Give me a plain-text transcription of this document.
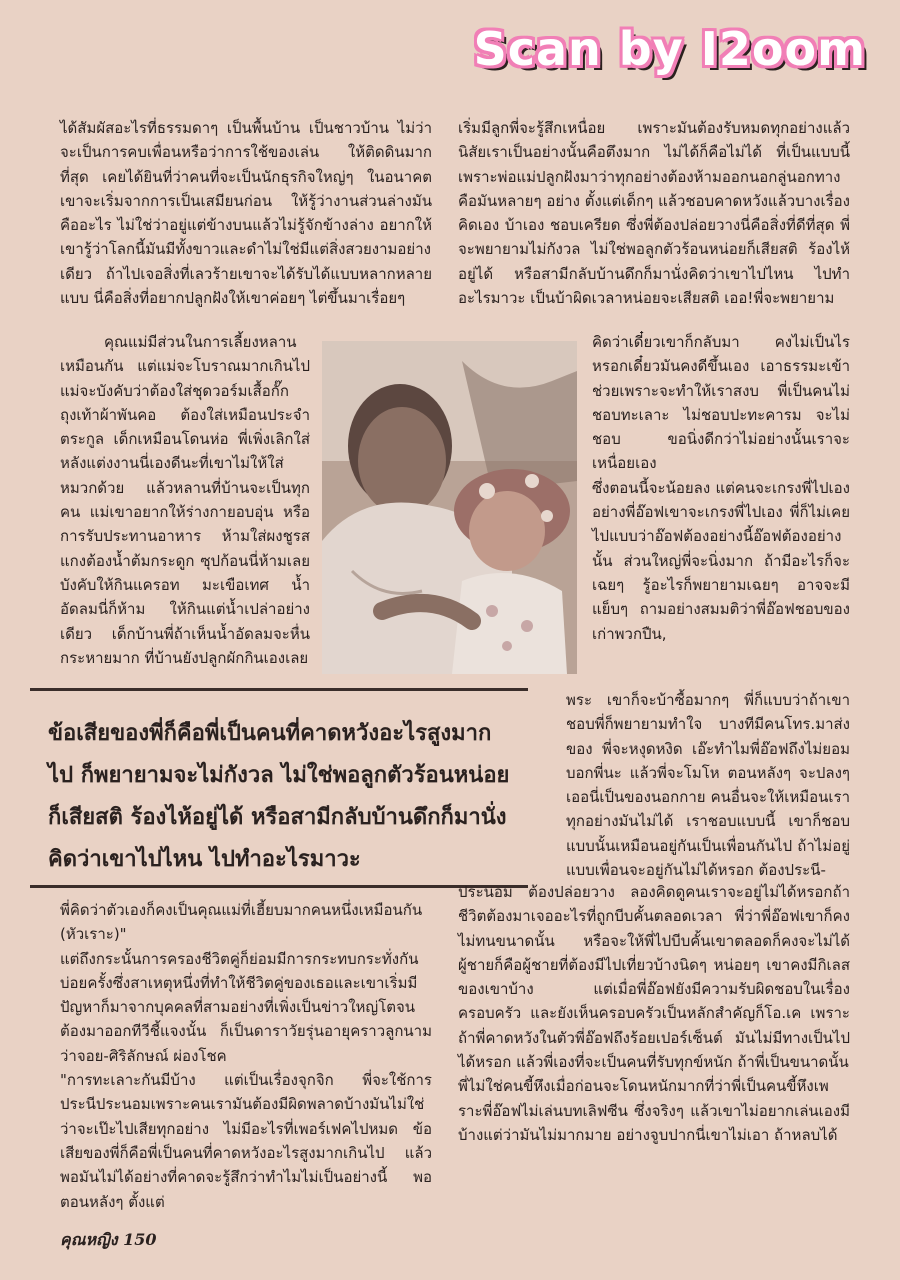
Scan by I2oom

ได้สัมผัสอะไรที่ธรรมดาๆ เป็นพื้นบ้าน เป็นชาวบ้าน ไม่ว่าจะเป็นการคบเพื่อนหรือว่าการใช้ของเล่น ให้ติดดินมากที่สุด เคยได้ยินที่ว่าคนที่จะเป็นนักธุรกิจใหญ่ๆ ในอนาคต เขาจะเริ่มจากการเป็นเสมียนก่อน ให้รู้ว่างานส่วนล่างมันคืออะไร ไม่ใช่ว่าอยู่แต่ข้างบนแล้วไม่รู้จักข้างล่าง อยากให้เขารู้ว่าโลกนี้มันมีทั้งขาวและดำไม่ใช่มีแต่สิ่งสวยงามอย่างเดียว ถ้าไปเจอสิ่งที่เลวร้ายเขาจะได้รับได้แบบหลากหลายแบบ นี่คือสิ่งที่อยากปลูกฝังให้เขาค่อยๆ ไต่ขึ้นมาเรื่อยๆ

คุณแม่มีส่วนในการเลี้ยงหลานเหมือนกัน แต่แม่จะโบราณมากเกินไป แม่จะบังคับว่าต้องใส่ชุดวอร์มเสื้อกั๊ก ถุงเท้าผ้าพันคอ ต้องใส่เหมือนประจำตระกูล เด็กเหมือนโดนห่อ พี่เพิ่งเลิกใส่หลังแต่งงานนี่เองดีนะที่เขาไม่ให้ใส่หมวกด้วย แล้วหลานที่บ้านจะเป็นทุกคน แม่เขาอยากให้ร่างกายอบอุ่น หรือการรับประทานอาหาร ห้ามใส่ผงชูรส แกงต้องน้ำต้มกระดูก ซุปก้อนนี่ห้ามเลย บังคับให้กินแครอท มะเขือเทศ น้ำอัดลมนี่ก็ห้าม ให้กินแต่น้ำเปล่าอย่างเดียว เด็กบ้านพี่ถ้าเห็นน้ำอัดลมจะหื่นกระหายมาก ที่บ้านยังปลูกผักกินเองเลย

เริ่มมีลูกพี่จะรู้สึกเหนื่อย เพราะมันต้องรับหมดทุกอย่างแล้วนิสัยเราเป็นอย่างนั้นคือตึงมาก ไม่ได้ก็คือไม่ได้ ที่เป็นแบบนี้เพราะพ่อแม่ปลูกฝังมาว่าทุกอย่างต้องห้ามออกนอกลู่นอกทาง คือมันหลายๆ อย่าง ตั้งแต่เด็กๆ แล้วชอบคาดหวังแล้วบางเรื่องคิดเอง บ้าเอง ชอบเครียด ซึ่งพี่ต้องปล่อยวางนี่คือสิ่งที่ดีที่สุด พี่จะพยายามไม่กังวล ไม่ใช่พอลูกตัวร้อนหน่อยก็เสียสติ ร้องไห้อยู่ได้ หรือสามีกลับบ้านดึกก็มานั่งคิดว่าเขาไปไหน ไปทำอะไรมาวะ เป็นบ้าผิดเวลาหน่อยจะเสียสติ เออ!พี่จะพยายาม

คิดว่าเดี๋ยวเขาก็กลับมา คงไม่เป็นไรหรอกเดี๋ยวมันคงดีขึ้นเอง เอาธรรมะเข้าช่วยเพราะจะทำให้เราสงบ พี่เป็นคนไม่ชอบทะเลาะ ไม่ชอบปะทะคารม จะไม่ชอบ ขอนิ่งดีกว่าไม่อย่างนั้นเราจะเหนื่อยเอง
ซึ่งตอนนี้จะน้อยลง แต่คนจะเกรงพี่ไปเอง อย่างพี่อ๊อฟเขาจะเกรงพี่ไปเอง พี่ก็ไม่เคยไปแบบว่าอ๊อฟต้องอย่างนี้อ๊อฟต้องอย่างนั้น ส่วนใหญ่พี่จะนิ่งมาก ถ้ามีอะไรก็จะเฉยๆ รู้อะไรก็พยายามเฉยๆ อาจจะมีแย็บๆ ถามอย่างสมมติว่าพี่อ๊อฟชอบของเก่าพวกปืน,

ข้อเสียของพี่ก็คือพี่เป็นคนที่คาดหวังอะไรสูงมากไป ก็พยายามจะไม่กังวล ไม่ใช่พอลูกตัวร้อนหน่อยก็เสียสติ ร้องไห้อยู่ได้ หรือสามีกลับบ้านดึกก็มานั่งคิดว่าเขาไปไหน ไปทำอะไรมาวะ

พระ เขาก็จะบ้าซื้อมากๆ พี่ก็แบบว่าถ้าเขาชอบพี่ก็พยายามทำใจ บางทีมีคนโทร.มาส่งของ พี่จะหงุดหงิด เอ๊ะทำไมพี่อ๊อฟถึงไม่ยอมบอกพี่นะ แล้วพี่จะโมโห ตอนหลังๆ จะปลงๆ เออนี่เป็นของนอกกาย คนอื่นจะให้เหมือนเราทุกอย่างมันไม่ได้ เราชอบแบบนี้ เขาก็ชอบแบบนั้นเหมือนอยู่กันเป็นเพื่อนกันไป ถ้าไม่อยู่แบบเพื่อนจะอยู่กันไม่ได้หรอก ต้องประนี-

พี่คิดว่าตัวเองก็คงเป็นคุณแม่ที่เฮี้ยบมากคนหนึ่งเหมือนกัน (หัวเราะ)"
แต่ถึงกระนั้นการครองชีวิตคู่ก็ย่อมมีการกระทบกระทั่งกันบ่อยครั้งซึ่งสาเหตุหนึ่งที่ทำให้ชีวิตคู่ของเธอและเขาเริ่มมีปัญหาก็มาจากบุคคลที่สามอย่างที่เพิ่งเป็นข่าวใหญ่โตจนต้องมาออกทีวีชี้แจงนั้น ก็เป็นดาราวัยรุ่นอายุคราวลูกนามว่าจอย-ศิริลักษณ์ ผ่องโชค
"การทะเลาะกันมีบ้าง แต่เป็นเรื่องจุกจิก พี่จะใช้การประนีประนอมเพราะคนเรามันต้องมีผิดพลาดบ้างมันไม่ใช่ว่าจะเป๊ะไปเสียทุกอย่าง ไม่มีอะไรที่เพอร์เฟคไปหมด ข้อเสียของพี่ก็คือพี่เป็นคนที่คาดหวังอะไรสูงมากเกินไป แล้วพอมันไม่ได้อย่างที่คาดจะรู้สึกว่าทำไมไม่เป็นอย่างนี้ พอตอนหลังๆ ตั้งแต่

ประนอม ต้องปล่อยวาง ลองคิดดูคนเราจะอยู่ไม่ได้หรอกถ้าชีวิตต้องมาเจออะไรที่ถูกบีบคั้นตลอดเวลา พี่ว่าพี่อ๊อฟเขาก็คงไม่ทนขนาดนั้น หรือจะให้พี่ไปบีบคั้นเขาตลอดก็คงจะไม่ได้ ผู้ชายก็คือผู้ชายที่ต้องมีไปเที่ยวบ้างนิดๆ หน่อยๆ เขาคงมีกิเลสของเขาบ้าง แต่เมื่อพี่อ๊อฟยังมีความรับผิดชอบในเรื่องครอบครัว และยังเห็นครอบครัวเป็นหลักสำคัญก็โอ.เค เพราะถ้าพี่คาดหวังในตัวพี่อ๊อฟถึงร้อยเปอร์เซ็นต์ มันไม่มีทางเป็นไปได้หรอก แล้วพี่เองที่จะเป็นคนที่รับทุกข์หนัก ถ้าพี่เป็นขนาดนั้น
พี่ไม่ใช่คนขี้หึงเมื่อก่อนจะโดนหนักมากที่ว่าพี่เป็นคนขี้หึงเพราะพี่อ๊อฟไม่เล่นบทเลิฟซีน ซึ่งจริงๆ แล้วเขาไม่อยากเล่นเองมีบ้างแต่ว่ามันไม่มากมาย อย่างจูบปากนี่เขาไม่เอา ถ้าหลบได้

คุณหญิง 150
